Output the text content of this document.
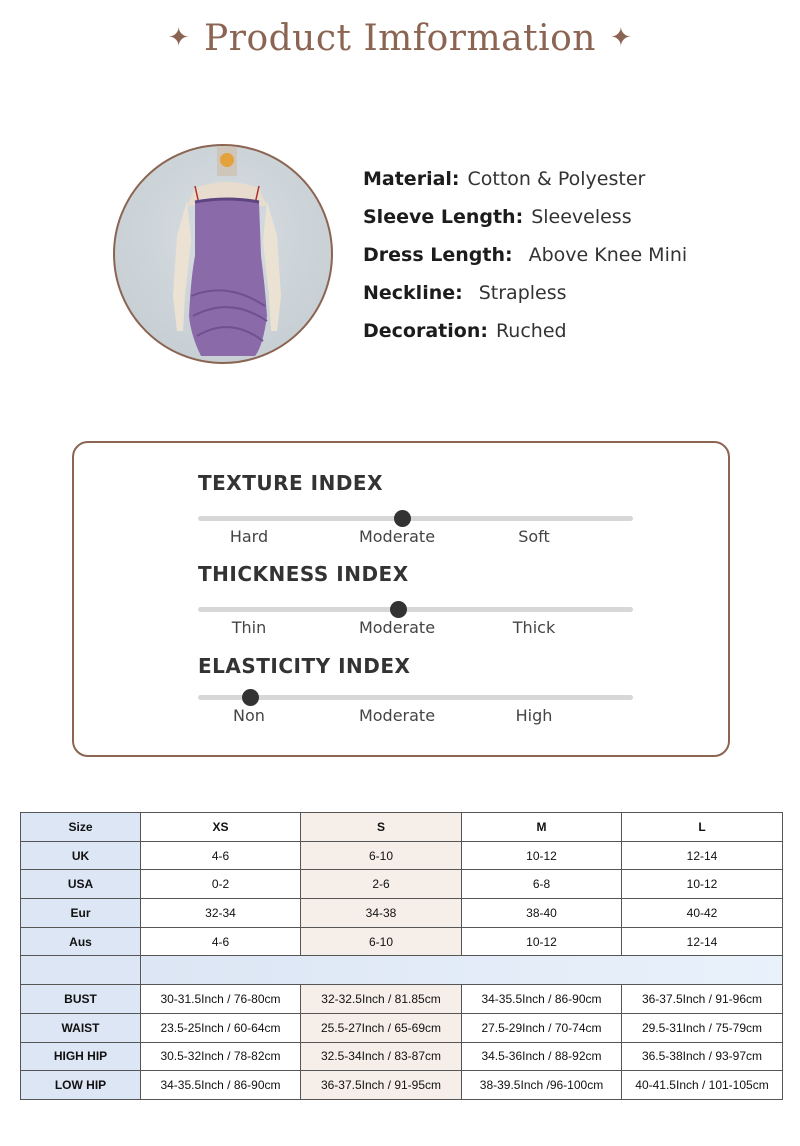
✦ Product Imformation ✦
Material: Cotton & Polyester
Sleeve Length: Sleeveless
Dress Length: Above Knee Mini
Neckline: Strapless
Decoration: Ruched
TEXTURE INDEX
Hard	Moderate	Soft
THICKNESS INDEX
Thin	Moderate	Thick
ELASTICITY INDEX
Non	Moderate	High
Size	XS	S	M	L
UK	4-6	6-10	10-12	12-14
USA	0-2	2-6	6-8	10-12
Eur	32-34	34-38	38-40	40-42
Aus	4-6	6-10	10-12	12-14

BUST	30-31.5Inch / 76-80cm	32-32.5Inch / 81.85cm	34-35.5Inch / 86-90cm	36-37.5Inch / 91-96cm
WAIST	23.5-25Inch / 60-64cm	25.5-27Inch / 65-69cm	27.5-29Inch / 70-74cm	29.5-31Inch / 75-79cm
HIGH HIP	30.5-32Inch / 78-82cm	32.5-34Inch / 83-87cm	34.5-36Inch / 88-92cm	36.5-38Inch / 93-97cm
LOW HIP	34-35.5Inch / 86-90cm	36-37.5Inch / 91-95cm	38-39.5Inch /96-100cm	40-41.5Inch / 101-105cm
